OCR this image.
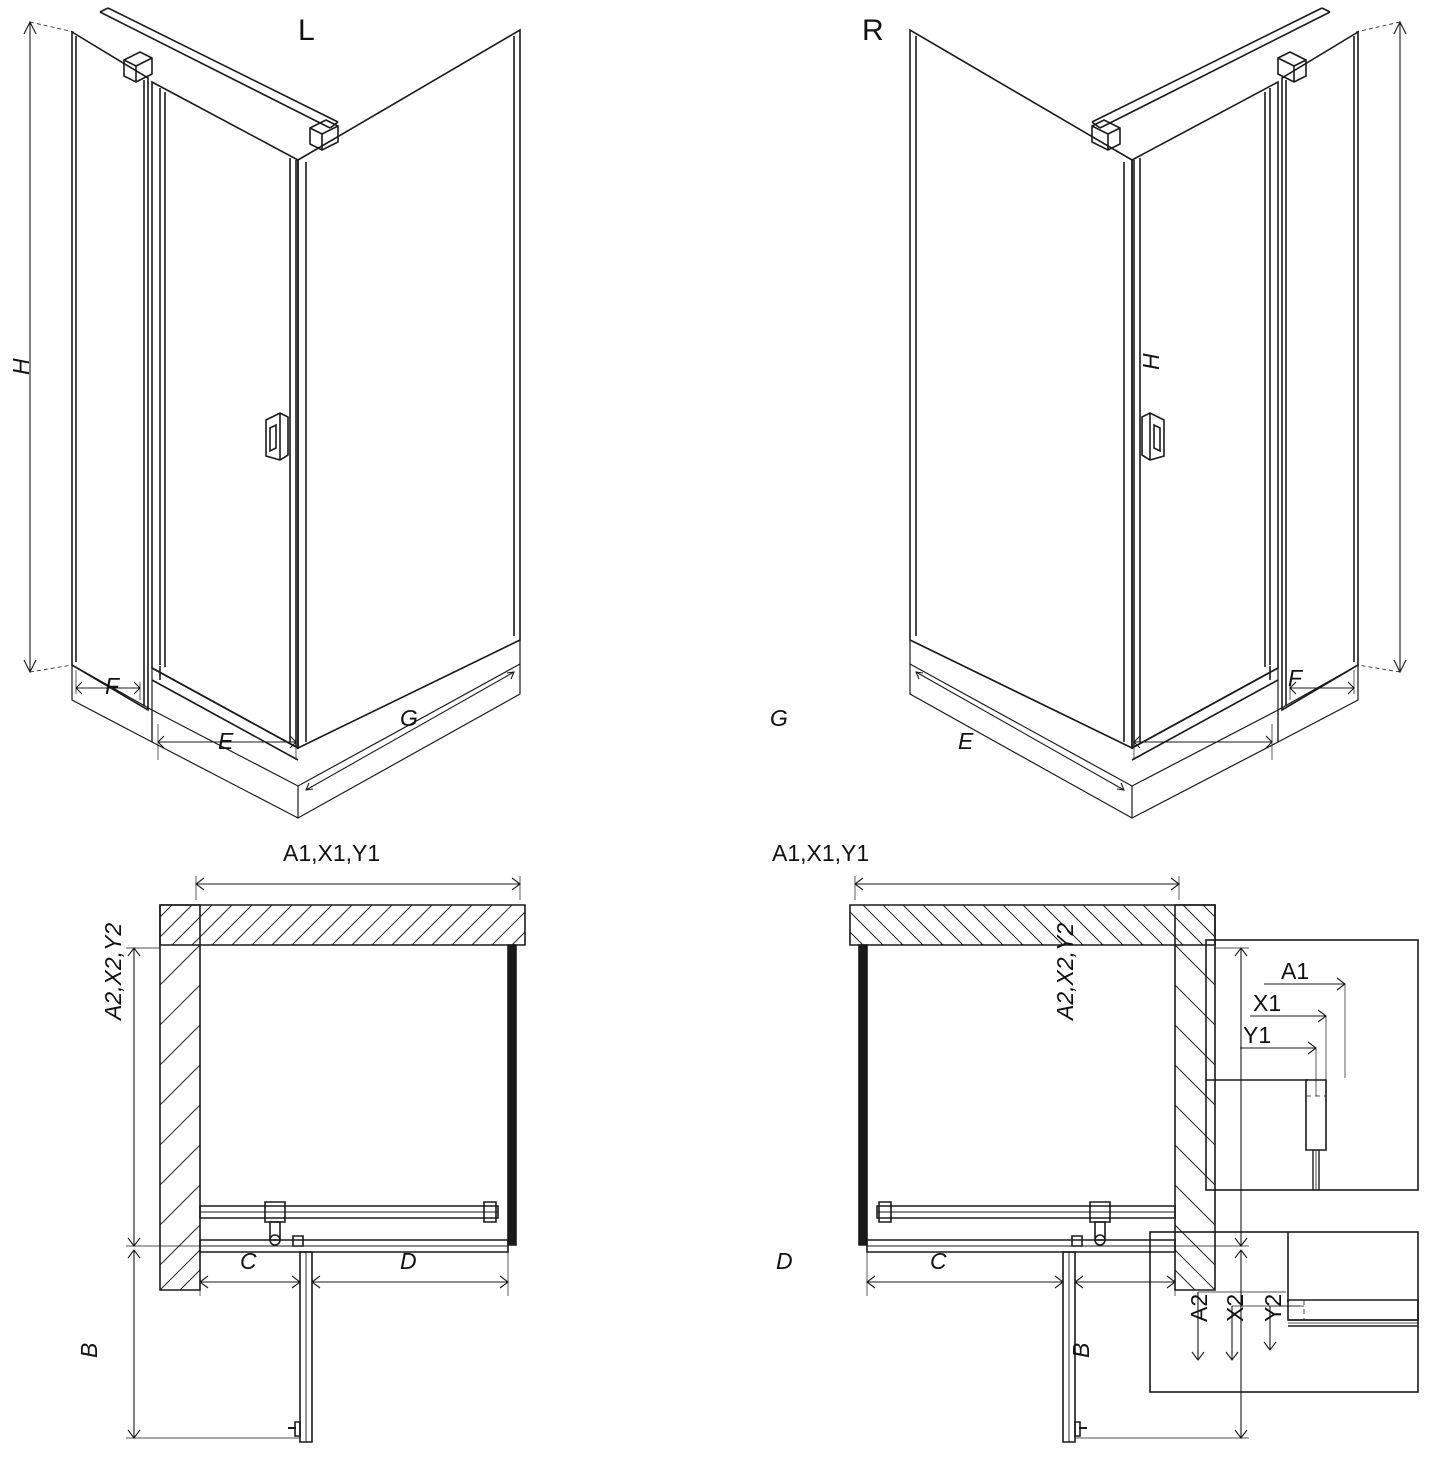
L	R
H	H
F
E
G	G
E
F
A1,X1,Y1
A2,X2,Y2
C	D
B
A1,X1,Y1
A2,X2,Y2
D	C
B
A1
X1
Y1
A2 X2 Y2
